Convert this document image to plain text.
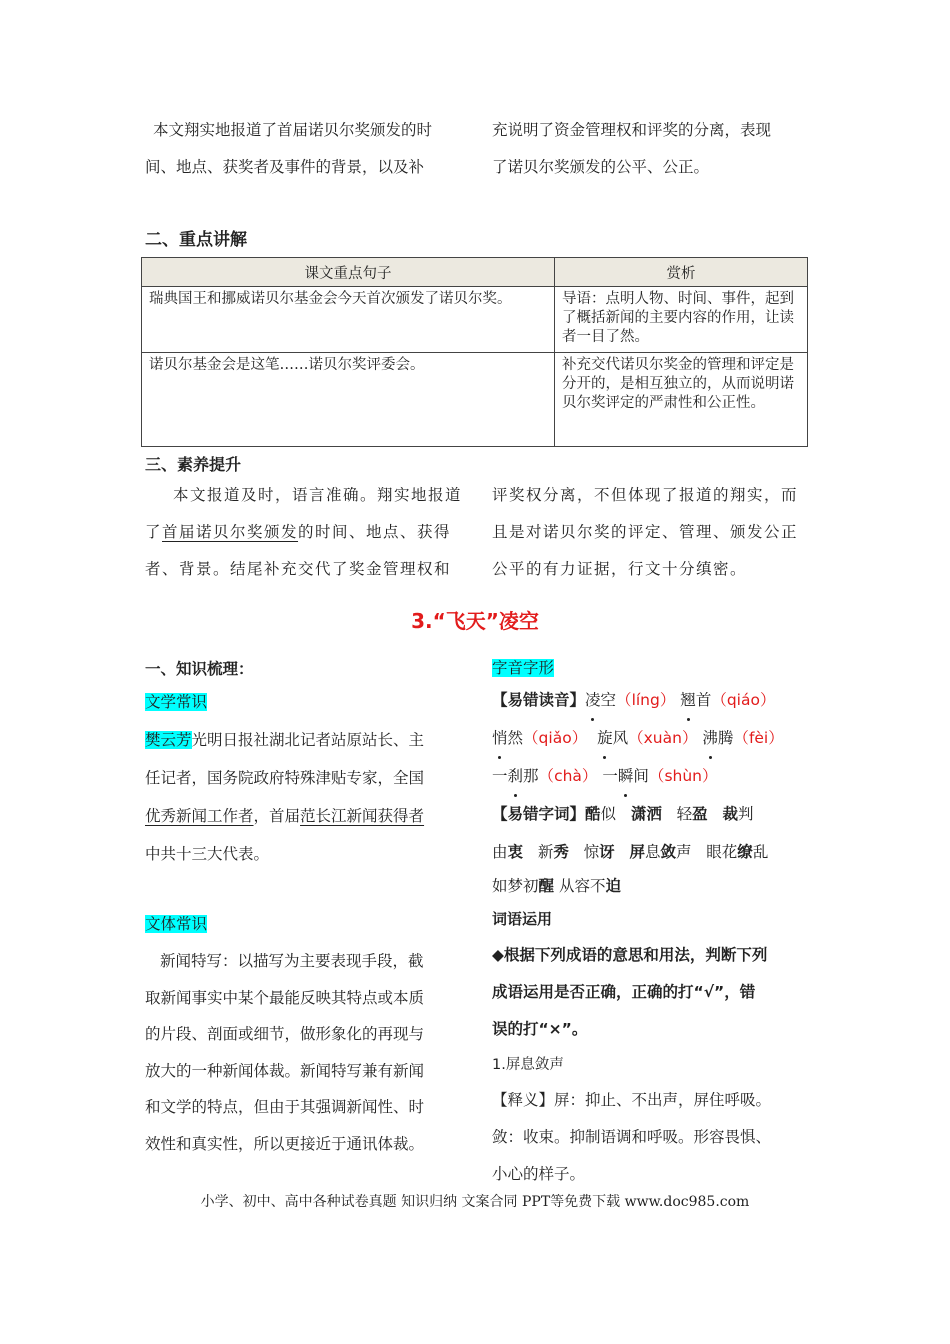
本文翔实地报道了首届诺贝尔奖颁发的时

间、地点、获奖者及事件的背景，以及补

充说明了资金管理权和评奖的分离，表现

了诺贝尔奖颁发的公平、公正。

二、重点讲解
课文重点句子	赏析
瑞典国王和挪威诺贝尔基金会今天首次颁发了诺贝尔奖。	导语：点明人物、时间、事件，起到了概括新闻的主要内容的作用，让读者一目了然。
诺贝尔基金会是这笔……诺贝尔奖评委会。	补充交代诺贝尔奖金的管理和评定是分开的，是相互独立的，从而说明诺贝尔奖评定的严肃性和公正性。
三、素养提升

本文报道及时，语言准确。翔实地报道

了首届诺贝尔奖颁发的时间、地点、获得

者、背景。结尾补充交代了奖金管理权和

评奖权分离，不但体现了报道的翔实，而

且是对诺贝尔奖的评定、管理、颁发公正

公平的有力证据，行文十分缜密。

3.“飞天”凌空
一、知识梳理：

文学常识

樊云芳光明日报社湖北记者站原站长、主

任记者，国务院政府特殊津贴专家，全国

优秀新闻工作者，首届范长江新闻获得者

中共十三大代表。

文体常识

新闻特写：以描写为主要表现手段，截

取新闻事实中某个最能反映其特点或本质

的片段、剖面或细节，做形象化的再现与

放大的一种新闻体裁。新闻特写兼有新闻

和文学的特点，但由于其强调新闻性、时

效性和真实性，所以更接近于通讯体裁。

字音字形

【易错读音】凌空（líng） 翘首（qiáo）

悄然（qiǎo） 旋风（xuàn） 沸腾（fèi）

一刹那（chà） 一瞬间（shùn）

【易错字词】酷似 潇洒 轻盈 裁判

由衷 新秀 惊讶 屏息敛声 眼花缭乱

如梦初醒 从容不迫

词语运用

◆根据下列成语的意思和用法，判断下列

成语运用是否正确，正确的打“√”，错

误的打“×”。

1.屏息敛声

【释义】屏：抑止、不出声，屏住呼吸。

敛：收束。抑制语调和呼吸。形容畏惧、

小心的样子。

小学、初中、高中各种试卷真题 知识归纳 文案合同 PPT等免费下载 www.doc985.com
